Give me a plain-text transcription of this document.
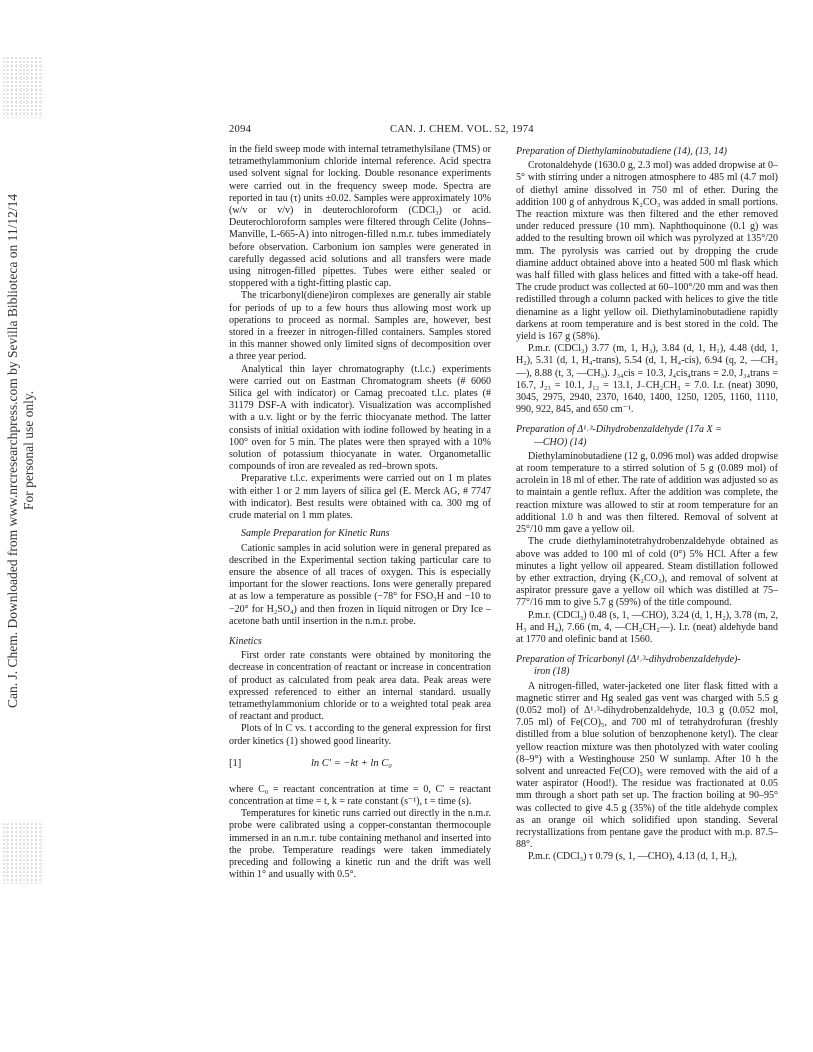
Can. J. Chem. Downloaded from www.nrcresearchpress.com by Sevilla Biblioteca on 11/12/14 For personal use only.
2094	CAN. J. CHEM. VOL. 52, 1974

in the field sweep mode with internal tetramethylsilane (TMS) or tetramethylammonium chloride internal reference. Acid spectra used solvent signal for locking. Double resonance experiments were carried out in the frequency sweep mode. Spectra are reported in tau (τ) units ±0.02. Samples were approximately 10% (w/v or v/v) in deuterochloroform (CDCl₃) or acid. Deuterochloroform samples were filtered through Celite (Johns–Manville, L-665-A) into nitrogen-filled n.m.r. tubes immediately before observation. Carbonium ion samples were generated in carefully degassed acid solutions and all transfers were made using nitrogen-filled pipettes. Tubes were either sealed or stoppered with a tight-fitting plastic cap.

The tricarbonyl(diene)iron complexes are generally air stable for periods of up to a few hours thus allowing most work up operations to proceed as normal. Samples are, however, best stored in a freezer in nitrogen-filled containers. Samples stored in this manner showed only limited signs of decomposition over a three year period.

Analytical thin layer chromatography (t.l.c.) experiments were carried out on Eastman Chromatogram sheets (# 6060 Silica gel with indicator) or Camag precoated t.l.c. plates (# 31179 DSF-A with indicator). Visualization was accomplished with a u.v. light or by the ferric thiocyanate method. The latter consists of initial oxidation with iodine followed by heating in a 100° oven for 5 min. The plates were then sprayed with a 10% solution of potassium thiocyanate in water. Organometallic compounds of iron are revealed as red–brown spots.

Preparative t.l.c. experiments were carried out on 1 m plates with either 1 or 2 mm layers of silica gel (E. Merck AG, # 7747 with indicator). Best results were obtained with ca. 300 mg of crude material on 1 mm plates.

Sample Preparation for Kinetic Runs

Cationic samples in acid solution were in general prepared as described in the Experimental section taking particular care to ensure the absence of all traces of oxygen. This is especially important for the slower reactions. Ions were generally prepared at as low a temperature as possible (−78° for FSO₃H and −10 to −20° for H₂SO₄) and then frozen in liquid nitrogen or Dry Ice – acetone bath until insertion in the n.m.r. probe.

Kinetics

First order rate constants were obtained by monitoring the decrease in concentration of reactant or increase in concentration of product as calculated from peak area data. Peak areas were expressed referenced to either an internal standard. usually tetramethylammonium chloride or to a weighted total peak area of reactant and product.

Plots of ln C vs. t according to the general expression for first order kinetics (1) showed good linearity.

[1]	ln C′ = −kt + ln C₀

where C₀ = reactant concentration at time = 0, C′ = reactant concentration at time = t, k = rate constant (s⁻¹), t = time (s).

Temperatures for kinetic runs carried out directly in the n.m.r. probe were calibrated using a copper-constantan thermocouple immersed in an n.m.r. tube containing methanol and inserted into the probe. Temperature readings were taken immediately preceding and following a kinetic run and the drift was well within 1° and usually with 0.5°.

Preparation of Diethylaminobutadiene (14), (13, 14)

Crotonaldehyde (1630.0 g, 2.3 mol) was added dropwise at 0–5° with stirring under a nitrogen atmosphere to 485 ml (4.7 mol) of diethyl amine dissolved in 750 ml of ether. During the addition 100 g of anhydrous K₂CO₃ was added in small portions. The reaction mixture was then filtered and the ether removed under reduced pressure (10 mm). Naphthoquinone (0.1 g) was added to the resulting brown oil which was pyrolyzed at 135°/20 mm. The pyrolysis was carried out by dropping the crude diamine adduct obtained above into a heated 500 ml flask which was half filled with glass helices and fitted with a take-off head. The crude product was collected at 60–100°/20 mm and was then redistilled through a column packed with helices to give the title dienamine as a light yellow oil. Diethylaminobutadiene rapidly darkens at room temperature and is best stored in the cold. The yield is 167 g (58%).

P.m.r. (CDCl₃) 3.77 (m, 1, H₃), 3.84 (d, 1, H₁), 4.48 (dd, 1, H₂), 5.31 (d, 1, H₄-trans), 5.54 (d, 1, H₄-cis), 6.94 (q, 2, —CH₂—), 8.88 (t, 3, —CH₃). J₃₄cis = 10.3, J₄cis₄trans = 2.0, J₃₄trans = 16.7, J₂₃ = 10.1, J₁₂ = 13.1, J₋CH₂CH₃ = 7.0. I.r. (neat) 3090, 3045, 2975, 2940, 2370, 1640, 1400, 1250, 1205, 1160, 1110, 990, 922, 845, and 650 cm⁻¹.

Preparation of Δ¹˒³-Dihydrobenzaldehyde (17a X =
—CHO) (14)

Diethylaminobutadiene (12 g, 0.096 mol) was added dropwise at room temperature to a stirred solution of 5 g (0.089 mol) of acrolein in 18 ml of ether. The rate of addition was adjusted so as to maintain a gentle reflux. After the addition was complete, the reaction mixture was allowed to stir at room temperature for an additional 1.0 h and was then filtered. Removal of solvent at 25°/10 mm gave a yellow oil.

The crude diethylaminotetrahydrobenzaldehyde obtained as above was added to 100 ml of cold (0°) 5% HCl. After a few minutes a light yellow oil appeared. Steam distillation followed by ether extraction, drying (K₂CO₃), and removal of solvent at aspirator pressure gave a yellow oil which was distilled at 75–77°/16 mm to give 5.7 g (59%) of the title compound.

P.m.r. (CDCl₃) 0.48 (s, 1, —CHO), 3.24 (d, 1, H₂), 3.78 (m, 2, H₃ and H₄), 7.66 (m, 4, —CH₂CH₂—). I.r. (neat) aldehyde band at 1770 and olefinic band at 1560.

Preparation of Tricarbonyl (Δ¹˒³-dihydrobenzaldehyde)-
iron (18)

A nitrogen-filled, water-jacketed one liter flask fitted with a magnetic stirrer and Hg sealed gas vent was charged with 5.5 g (0.052 mol) of Δ¹˒³-dihydrobenzaldehyde, 10.3 g (0.052 mol, 7.05 ml) of Fe(CO)₅, and 700 ml of tetrahydrofuran (freshly distilled from a blue solution of benzophenone ketyl). The clear yellow reaction mixture was then photolyzed with water cooling (8–9°) with a Westinghouse 250 W sunlamp. After 10 h the solvent and unreacted Fe(CO)₅ were removed with the aid of a water aspirator (Hood!). The residue was fractionated at 0.05 mm through a short path set up. The fraction boiling at 90–95° was collected to give 4.5 g (35%) of the title aldehyde complex as an orange oil which solidified upon standing. Several recrystallizations from pentane gave the product with m.p. 87.5–88°.

P.m.r. (CDCl₃) τ 0.79 (s, 1, —CHO), 4.13 (d, 1, H₂),
